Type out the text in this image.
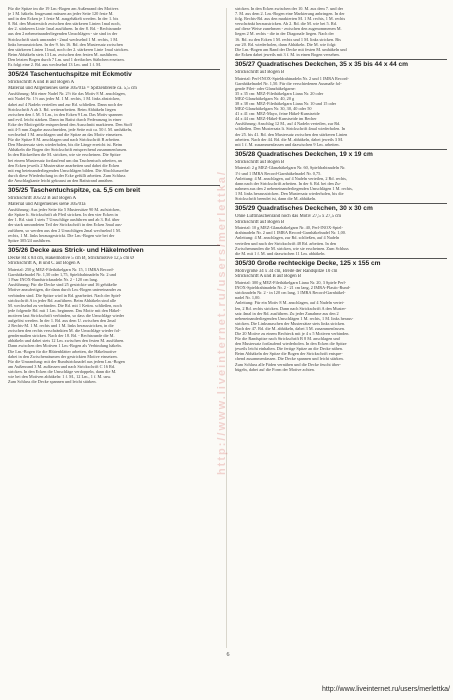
Für die Spitze im die 19 Lm.-Bogen am Außenrand des Motives
je 1 M. häkeln. Insgesamt müssen an jeder Seite 120 feste M.
und in den Ecken je 1 feste M. ausgehäkelt werden. In der 1. bis
8. Rd. den Musterstich zwischen den stärkeren Linien 1mal noch,
der 2. stärkeren Linie 1mal ausführen. In der 8. Rd. - Rechtsrunde
aus den 2 nebeneinanderliegenden Umschlägen - sie sind in der
Strickschrift stark umrandet - 2mal wechselnd 1 M. rechts, 1 M.
links herausstricken. In der 9. bis 16. Rd. den Mustersatz zwischen
den stärkeren Linien 11mal, noch der 2. stärkeren Linie 1mal stricken.
Beim Abhäkeln stets 13 Lm. zwischen den festen M. ausführen.
Den letzten Bogen durch 7 Lm. und 1 dreifaches Stäbchen ersetzen.
Es folgt eine 2. Rd. aus wechselnd 13 Lm. und 1 f. M.
305/24 Taschentuchspitze mit Eckmotiv
Strickschrift A und B auf Bogen A
Material und Allgemeines siehe 305/01a = Spitzenbreite ca. 5,5 cm
Ausführung: Mit einer Nadel Nr. 2½ für das Motiv 8 M. anschlagen,
mit Nadel Nr. 1½ aus jeder M. 1 M. rechts, 1 M. links abstricken,
dabei auf 4 Nadeln verteilen und zur Rd. schließen. Dann noch der
Strickschrift A ab 3. Rd. weiterarbeiten. Beim Abhäkeln liegen
zwischen den f. M. 5 Lm., in den Ecken 9 Lm. Das Motiv spannen
und evtl. leicht stärken. Dann im Batist durch Federanzug in einer
Ecke der Motivgröße entsprechend den Ausschnitt markieren. Den Stoff
mit 4-5 mm Zugabe ausschneiden, jede Seite mit ca. 50 f. M. umhäkeln,
wechselnd 1 M. anschlagen und die Spitze an das Motiv einsetzen.
Für die Spitze 8 M. anschlagen und nach Strickschrift B arbeiten.
Den Mustersatz stets wiederholen, bis die Länge erreicht ist. Beim
Abhäkeln die Bogen der Strickschrift entsprechend zusammenfassen.
In den Rückreihen die M. stricken, wie sie erscheinen. Die Spitze
bei einem Mustersatz fortlaufend um das Taschentuch arbeiten, an
den Ecken jeweils 2 Mustersätze anarbeiten und dabei die Ecken
mit eng beieinanderliegenden Umschlägen bilden. Die Abschlussreihe
durch diese Wiederholung in der Ecke gefüllt arbeiten. Zum Schluss
die Anschlagkante leicht gekraust an den Batistrand annähen.
305/25 Taschentuchspitze, ca. 5,5 cm breit
Strickschrift 305/22 B auf Bogen A
Material und Allgemeines siehe 305/01a
Ausführung: Aus jeder Seite für 5 Mustersätze 90 M. aufstricken,
die Spitze lt. Strickschrift ab Pfeil stricken. In den vier Ecken in
der 1. Rd. statt 1 stets 7 Umschläge ausführen und ab 3. Rd. über
der stark umrandeten Teil der Strickschrift in den Ecken 3mal aus-
zuführen, so werden aus den 2 Umschlägen 2mal wechselnd 1 M.
rechts, 1 M. links herausgestrickt. Die Lm.-Bogen wie bei der
Spitze 305/24 ausführen.
305/26 Decke aus Strick- und Häkelmotiven
Decke 84 x 84 cm, Häkelmotive 5 cm Ø, Strickmotive 12,5 cm Ø
Strickschrift A, B und C auf Bogen A
Material: 250 g MEZ-Filethäkelgarn Nr. 15, 1 IMRA Record-
Garnhäkelnadel Nr. 1,50 oder 1,75, Spieldrahtnadeln Nr. 2 und
1 Paar INOX-Rundstricknadeln Nr. 2 - 120 cm lang.
Ausführung: Für die Decke sind 25 gestrickte und 16 gehäkelte
Motive anzufertigen, die dann durch Lm.-Bogen untereinander zu
verbinden sind. Die Spitze wird in Rd. gearbeitet. Nach der Spiel-
strickschrift A in jeder Rd. ausführen. Beim Abhäkeln sind alle
M. wechselnd zu verbinden. Die Rd. mit 1 Kettm. schließen, noch
jede folgende Rd. mit 1 Lm. beginnen. Das Motiv mit den Häkel-
motiven laut Strickschrift verbinden, so dass die Umschläge wieder
aufgelöst werden. In der 1. Rd. aus dem U. zwischen den 2mal
2 Rechts-M. 1 M. rechts und 1 M. links herausstricken, in die
zwischen den rechts verschränkten M. die Umschläge wieder fol-
gendermaßen stricken. Nach der 18. Rd. - Rechtsrunde die M.
abhäkeln und dabei stets 12 Lm. zwischen den festen M. ausführen.
Dann zwischen den Motiven 1 Lm.-Bogen als Verbindung häkeln.
Die Lm.-Bogen für die Blütenblätter arbeiten, die Häkelmotive
dabei in den Zwischenräumen der gestrickten Motive einsetzen.
Für die Umrandung: mit der Rundstricknadel aus jedem Lm.-Bogen
am Außenrand 3 M. auffassen und nach Strickschrift C 16 Rd.
stricken. In den Ecken die Umschläge verdoppeln, dann die M.
wie bei den Motiven abhäkeln: 1 f. M., 12 Lm., 1 f. M. usw.
Zum Schluss die Decke spannen und leicht stärken.
stricken. In den Ecken zwischen der 10. M. aus dem 7. und der
7. M. aus dem 2. Lm.-Bogen eine Markierung anbringen. In der
folg. Rechts-Rd. aus den markierten M. 1 M. rechts, 1 M. rechts
verschränkt herausstricken. Ab 2. Rd. die M. wie bei 5. Rd.
auf diese Weise zunehmen - zwischen den zugenommenen M.
liegen 2 M. rechts - die in der Diagonale liegen. Nach der
16. Rd. zu den Ecken 1 M. rechts und 1 M. links stricken. Bis
zur 20. Rd. wiederholen, dann Abhäkeln. Die M. wie folgt:
Die Lm.-Bogen am Rand der Decke mit festen M. umhäkeln und
die Ecken dabei jeweils mit 3 f. M. in einen Bogen versehen.
305/27 Quadratisches Deckchen, 35 x 35 bis 44 x 44 cm
Strickschrift auf Bogen B
Material: Perl-INOX-Spieldrahtnadeln Nr. 2 und 1 IMRA Record-
Garnhäkelnadel Nr. 1,50. Für die verschiedenen Ausmaße fol-
gende Filet- oder Glanzhäkelgarne:
35 x 35 cm: MEZ-Filethäkelgarn Liana Nr. 20 oder
MEZ-Glanzhäkelgarn Nr. 40, 20 g
38 x 38 cm: MEZ-Filethäkelgarn Liana Nr. 10 und 15 oder
MEZ-Glanzhäkelgarn Nr. 30, 30, 40 oder 50
41 x 41 cm: MEZ-Mayo, feine Häkel-Kunstseide
44 x 44 cm: MEZ-Häkel-Kunstseide im Becher
Ausführung: Anschlag 12 M., auf 4 Nadeln verteilen, zur Rd.
schließen. Den Mustersatz lt. Strickschrift 4mal wiederholen. In
der 25. bis 41. Rd. den Mustersatz zwischen den stärkeren Linien
arbeiten. Nach der 44. Rd. die M. abhäkeln, dabei jeweils 3 M.
mit 1 f. M. zusammenfassen und dazwischen 9 Lm. arbeiten.
305/28 Quadratisches Deckchen, 19 x 19 cm
Strickschrift auf Bogen B
Material: 2 g MEZ-Glanzhäkelgarn Nr. 60, Spieldrahtnadeln Nr.
1½ und 1 IMRA Record-Garnhäkelnadel Nr. 0,75.
Anleitung: 4 M. anschlagen, auf 4 Nadeln verteilen, 2 Rd. rechts,
dann nach der Strickschrift arbeiten. In der 6. Rd. bei den Zu-
nahmen aus den 2 nebeneinanderliegenden Umschlägen 1 M. rechts,
1 M. links herausstricken. Den Mustersatz wiederholen, bis die
Strickschrift beendet ist, dann die M. abhäkeln.
305/29 Quadratisches Deckchen, 30 x 30 cm
Ohne Luftmaschenrand noch das Motiv 27,5 x 27,5 cm
Strickschrift auf Bogen B
Material: 10 g MEZ-Glanzhäkelgarn Nr. 40, Perl-INOX-Spiel-
drahtnadeln Nr. 2 und 1 IMRA Record-Garnhäkelnadel Nr. 1,00.
Anleitung: 4 M. anschlagen, zur Rd. schließen, auf 4 Nadeln
verteilen und nach der Strickschrift 48 Rd. arbeiten. In den
Zwischenrunden die M. stricken, wie sie erscheinen. Zum Schluss
die M. mit 1 f. M. und dazwischen 11 Lm. abhäkeln.
305/30 Große rechteckige Decke, 125 x 155 cm
Motivgröße 34 x 34 cm, Breite der Randspitze 10 cm
Strickschrift A und B auf Bogen B
Material: 300 g MEZ-Filethäkelgarn Liana Nr. 20, 3 Spiele Perl-
INOX-Spieldrahtnadeln Nr. 2 - 21 cm lang, 2 IMRA-Plastic-Rund-
stricknadeln Nr. 2 - in 120 cm lang, 1 IMRA Record-Garnhäkel-
nadel Nr. 1,00.
Anleitung: Für ein Motiv 8 M. anschlagen, auf 4 Nadeln vertei-
len, 2 Rd. rechts stricken. Dann nach Strickschrift A den Muster-
satz 4mal in der Rd. ausführen. Zu jeder Zunahme aus den 2
nebeneinanderliegenden Umschlägen 1 M. rechts, 1 M. links heraus-
stricken. Die Linksmaschen der Mustersätze stets links stricken.
Nach der 47. Rd. die M. abhäkeln, dabei 3 M. zusammenfassen.
Die 20 Motive zu einem Rechteck mit je 4 x 5 Motiven verbinden.
Für die Randspitze nach Strickschrift B 8 M. anschlagen und
den Mustersatz fortlaufend wiederholen. In den Ecken die Spitze
jeweils leicht einhalten. Die fertige Spitze an die Decke nähen.
Beim Abhäkeln der Spitze die Bogen der Strickschrift entspre-
chend zusammenfassen. Die Decke spannen und leicht stärken.
Zum Schluss alle Fäden vernähen und die Decke feucht über-
bügeln, dabei auf die Form der Motive achten.
http://www.liveinternet.ru/users/merlettka/
6
http://www.liveinternet.ru/users/merlettka/
